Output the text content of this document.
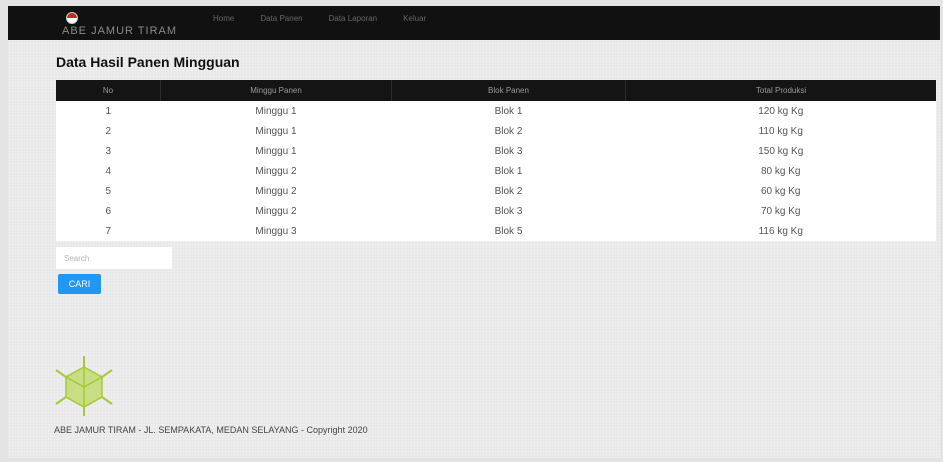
ABE JAMUR TIRAM
Home	Data Panen	Data Laporan	Keluar
Data Hasil Panen Mingguan
No	Minggu Panen	Blok Panen	Total Produksi
1	Minggu 1	Blok 1	120 kg Kg
2	Minggu 1	Blok 2	110 kg Kg
3	Minggu 1	Blok 3	150 kg Kg
4	Minggu 2	Blok 1	80 kg Kg
5	Minggu 2	Blok 2	60 kg Kg
6	Minggu 2	Blok 3	70 kg Kg
7	Minggu 3	Blok 5	116 kg Kg
Search
CARI
ABE JAMUR TIRAM - JL. SEMPAKATA, MEDAN SELAYANG - Copyright 2020
